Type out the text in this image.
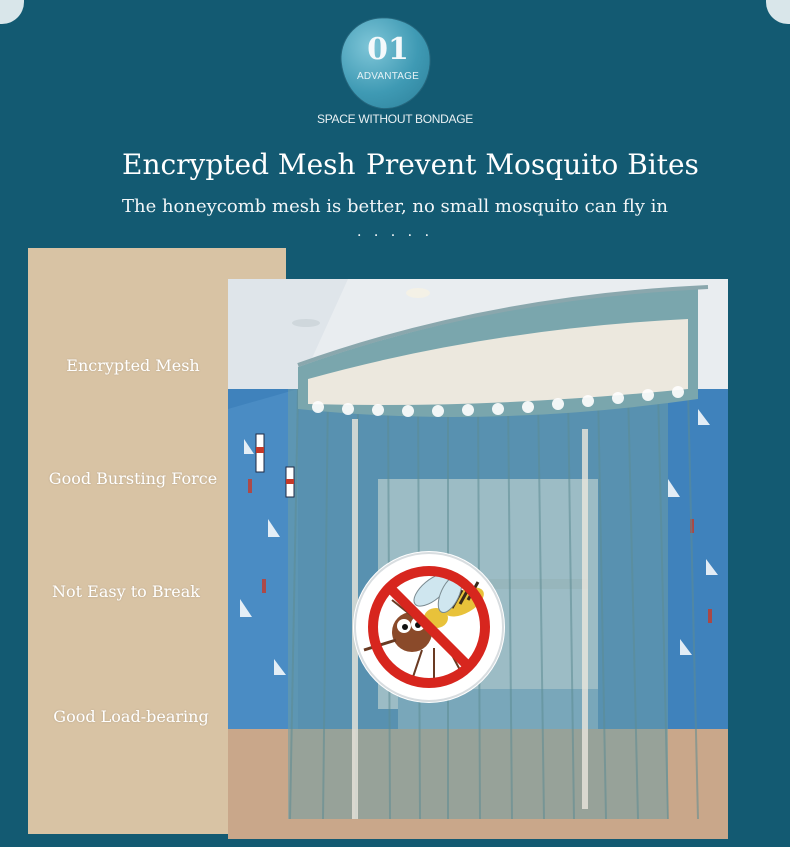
01
ADVANTAGE
SPACE WITHOUT BONDAGE
Encrypted Mesh Prevent Mosquito Bites
The honeycomb mesh is better, no small mosquito can fly in
. . . . .
Encrypted Mesh
Good Bursting Force
Not Easy to Break
Good Load-bearing
